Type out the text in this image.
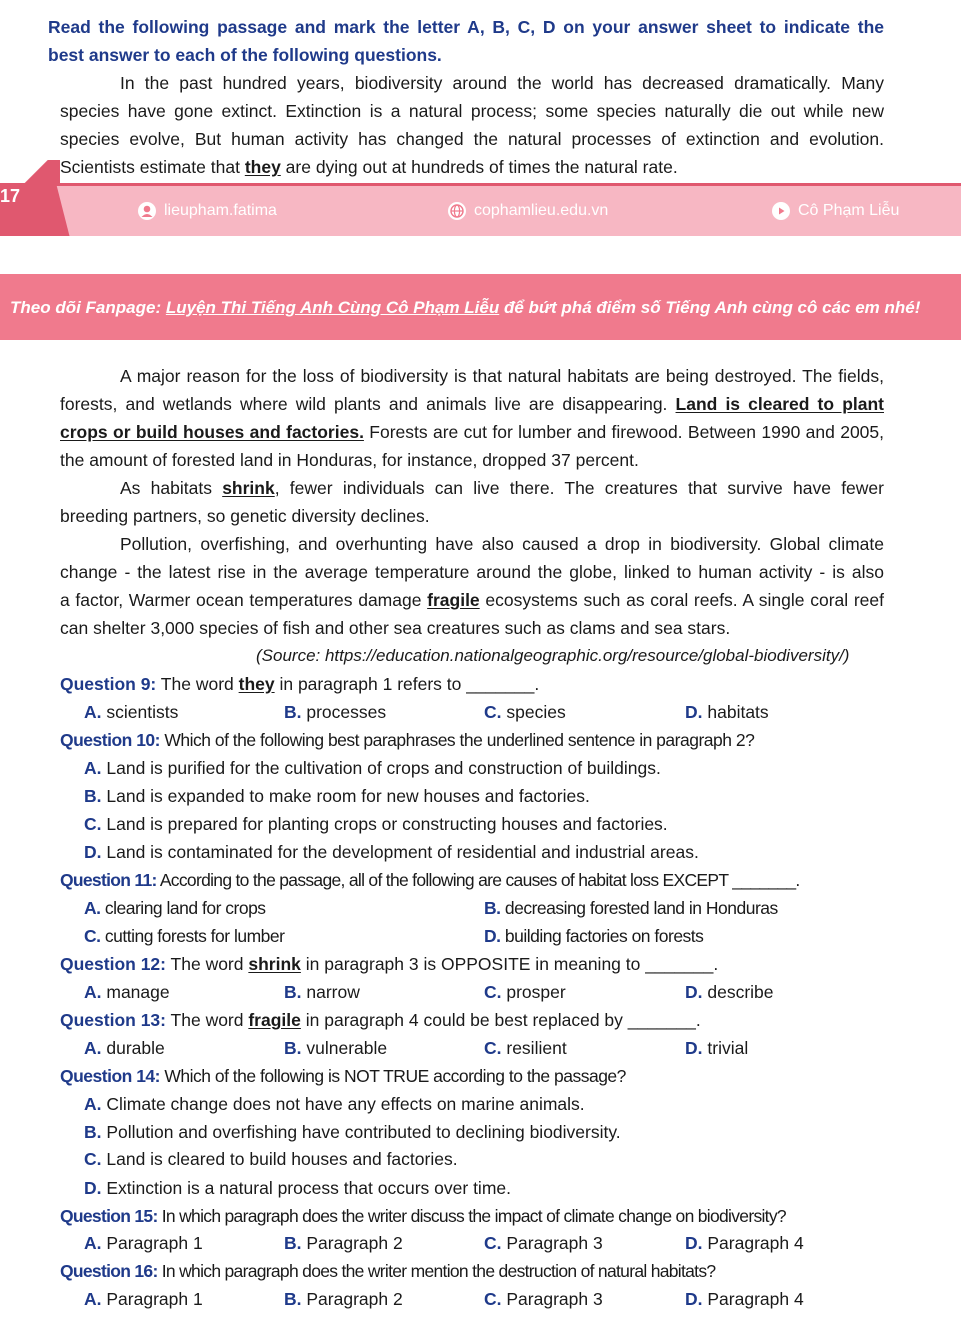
Read the following passage and mark the letter A, B, C, D on your answer sheet to indicate the
best answer to each of the following questions.
In the past hundred years, biodiversity around the world has decreased dramatically. Many
species have gone extinct. Extinction is a natural process; some species naturally die out while new
species evolve, But human activity has changed the natural processes of extinction and evolution.
Scientists estimate that they are dying out at hundreds of times the natural rate.
17
lieupham.fatima	cophamlieu.edu.vn	Cô Phạm Liễu
Theo dõi Fanpage: Luyện Thi Tiếng Anh Cùng Cô Phạm Liễu để bứt phá điểm số Tiếng Anh cùng cô các em nhé!
A major reason for the loss of biodiversity is that natural habitats are being destroyed. The fields,
forests, and wetlands where wild plants and animals live are disappearing. Land is cleared to plant
crops or build houses and factories. Forests are cut for lumber and firewood. Between 1990 and 2005,
the amount of forested land in Honduras, for instance, dropped 37 percent.
As habitats shrink, fewer individuals can live there. The creatures that survive have fewer
breeding partners, so genetic diversity declines.
Pollution, overfishing, and overhunting have also caused a drop in biodiversity. Global climate
change - the latest rise in the average temperature around the globe, linked to human activity - is also
a factor, Warmer ocean temperatures damage fragile ecosystems such as coral reefs. A single coral reef
can shelter 3,000 species of fish and other sea creatures such as clams and sea stars.
(Source: https://education.nationalgeographic.org/resource/global-biodiversity/)
Question 9: The word they in paragraph 1 refers to _______.
A. scientists	B. processes	C. species	D. habitats
Question 10: Which of the following best paraphrases the underlined sentence in paragraph 2?
A. Land is purified for the cultivation of crops and construction of buildings.
B. Land is expanded to make room for new houses and factories.
C. Land is prepared for planting crops or constructing houses and factories.
D. Land is contaminated for the development of residential and industrial areas.
Question 11: According to the passage, all of the following are causes of habitat loss EXCEPT _______.
A. clearing land for crops	B. decreasing forested land in Honduras
C. cutting forests for lumber	D. building factories on forests
Question 12: The word shrink in paragraph 3 is OPPOSITE in meaning to _______.
A. manage	B. narrow	C. prosper	D. describe
Question 13: The word fragile in paragraph 4 could be best replaced by _______.
A. durable	B. vulnerable	C. resilient	D. trivial
Question 14: Which of the following is NOT TRUE according to the passage?
A. Climate change does not have any effects on marine animals.
B. Pollution and overfishing have contributed to declining biodiversity.
C. Land is cleared to build houses and factories.
D. Extinction is a natural process that occurs over time.
Question 15: In which paragraph does the writer discuss the impact of climate change on biodiversity?
A. Paragraph 1	B. Paragraph 2	C. Paragraph 3	D. Paragraph 4
Question 16: In which paragraph does the writer mention the destruction of natural habitats?
A. Paragraph 1	B. Paragraph 2	C. Paragraph 3	D. Paragraph 4
